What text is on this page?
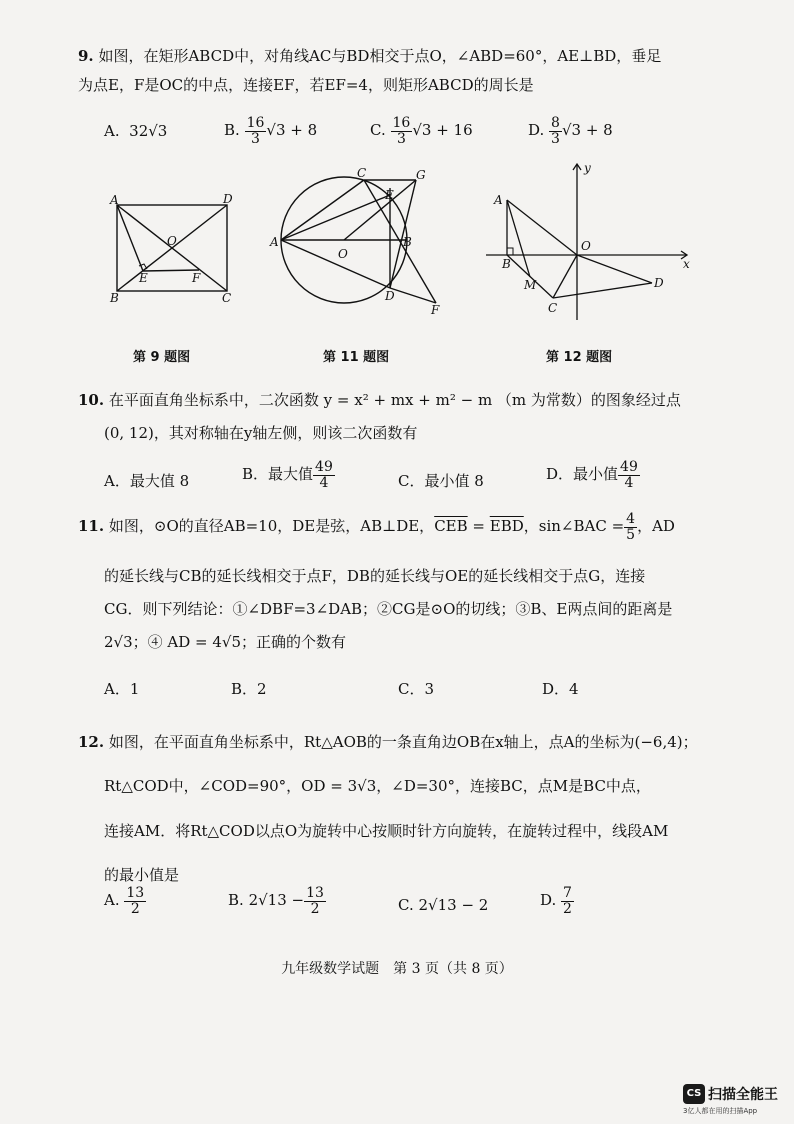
9. 如图，在矩形ABCD中，对角线AC与BD相交于点O，∠ABD=60°，AE⊥BD，垂足
为点E，F是OC的中点，连接EF，若EF=4，则矩形ABCD的周长是
A. 32√3	B. $\frac{16}{3} √3 + 8$	C. $\frac{16}{3} √3 + 16$	D. $\frac{8}{3} √3 + 8$
A	D
O
E	F
B	C
第 9 题图
C	G
E
A
O
B
D
F
第 11 题图
A
O
x
y
B
M
C
D
第 12 题图
10. 在平面直角坐标系中，二次函数 y = x² + mx + m² − m （m 为常数）的图象经过点
(0, 12)，其对称轴在y轴左侧，则该二次函数有
A．最大值 8	B．最大值 $\frac{49}{4}$	C．最小值 8	D．最小值 $\frac{49}{4}$
11. 如图，⊙O的直径AB=10，DE是弦，AB⊥DE，$\overline{CEB} = \overline{EBD}$，sin∠BAC = $\frac{4}{5}$ ，AD
的延长线与CB的延长线相交于点F，DB的延长线与OE的延长线相交于点G，连接
CG．则下列结论：①∠DBF=3∠DAB；②CG是⊙O的切线；③B、E两点间的距离是
2√3；④ AD = 4√5；正确的个数有
A．1	B．2	C．3	D．4
12. 如图，在平面直角坐标系中，Rt△AOB的一条直角边OB在x轴上，点A的坐标为(−6,4)；
Rt△COD中，∠COD=90°，OD = 3√3，∠D=30°，连接BC，点M是BC中点，
连接AM．将Rt△COD以点O为旋转中心按顺时针方向旋转，在旋转过程中，线段AM
的最小值是
A. $\frac{13}{2}$	B. $2√13 - \frac{13}{2}$	C. 2√13 − 2	D. $\frac{7}{2}$
九年级数学试题　第 3 页（共 8 页）
CS 扫描全能王
3亿人都在用的扫描App
